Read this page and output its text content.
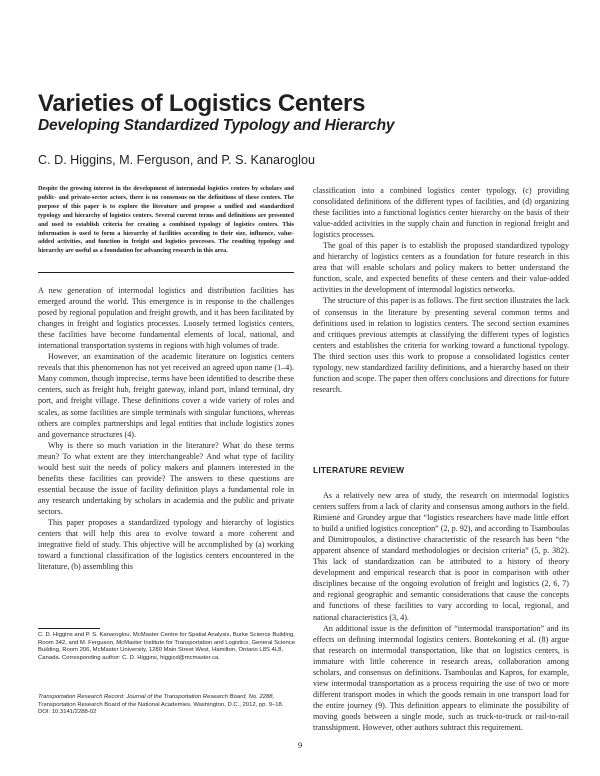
Varieties of Logistics Centers
Developing Standardized Typology and Hierarchy
C. D. Higgins, M. Ferguson, and P. S. Kanaroglou
Despite the growing interest in the development of intermodal logistics centers by scholars and public- and private-sector actors, there is no consensus on the definitions of these centers. The purpose of this paper is to explore the literature and propose a unified and standardized typology and hierarchy of logistics centers. Several current terms and definitions are presented and used to establish criteria for creating a combined typology of logistics centers. This information is used to form a hierarchy of facilities according to their size, influence, value-added activities, and function in freight and logistics processes. The resulting typology and hierarchy are useful as a foundation for advancing research in this area.

A new generation of intermodal logistics and distribution facilities has emerged around the world. This emergence is in response to the challenges posed by regional population and freight growth, and it has been facilitated by changes in freight and logistics processes. Loosely termed logistics centers, these facilities have become fundamental elements of local, national, and international transportation systems in regions with high volumes of trade.

However, an examination of the academic literature on logistics centers reveals that this phenomenon has not yet received an agreed upon name (1–4). Many common, though imprecise, terms have been identified to describe these centers, such as freight hub, freight gateway, inland port, inland terminal, dry port, and freight village. These definitions cover a wide variety of roles and scales, as some facilities are simple terminals with singular functions, whereas others are complex partnerships and legal entities that include logistics zones and governance structures (4).

Why is there so much variation in the literature? What do these terms mean? To what extent are they interchangeable? And what type of facility would best suit the needs of policy makers and planners interested in the benefits these facilities can provide? The answers to these questions are essential because the issue of facility definition plays a fundamental role in any research undertaking by scholars in academia and the public and private sectors.

This paper proposes a standardized typology and hierarchy of logistics centers that will help this area to evolve toward a more coherent and integrative field of study. This objective will be accomplished by (a) working toward a functional classification of the logistics centers encountered in the literature, (b) assembling this

C. D. Higgins and P. S. Kanaroglou, McMaster Centre for Spatial Analysis, Burke Science Building, Room 342, and M. Ferguson, McMaster Institute for Transportation and Logistics, General Science Building, Room 206, McMaster University, 1280 Main Street West, Hamilton, Ontario L8S 4L8, Canada. Corresponding author: C. D. Higgins, higgicd@mcmaster.ca.
Transportation Research Record: Journal of the Transportation Research Board, No. 2288, Transportation Research Board of the National Academies, Washington, D.C., 2012, pp. 9–18.
DOI: 10.3141/2288-02

classification into a combined logistics center typology, (c) providing consolidated definitions of the different types of facilities, and (d) organizing these facilities into a functional logistics center hierarchy on the basis of their value-added activities in the supply chain and function in regional freight and logistics processes.

The goal of this paper is to establish the proposed standardized typology and hierarchy of logistics centers as a foundation for future research in this area that will enable scholars and policy makers to better understand the function, scale, and expected benefits of these centers and their value-added activities in the development of intermodal logistics networks.

The structure of this paper is as follows. The first section illustrates the lack of consensus in the literature by presenting several common terms and definitions used in relation to logistics centers. The second section examines and critiques previous attempts at classifying the different types of logistics centers and establishes the criteria for working toward a functional typology. The third section uses this work to propose a consolidated logistics center typology, new standardized facility definitions, and a hierarchy based on their function and scope. The paper then offers conclusions and directions for future research.

LITERATURE REVIEW

As a relatively new area of study, the research on intermodal logistics centers suffers from a lack of clarity and consensus among authors in the field. Rimienė and Grundey argue that “logistics researchers have made little effort to build a unified logistics conception” (2, p. 92), and according to Tsamboulas and Dimitropoulos, a distinctive characteristic of the research has been “the apparent absence of standard methodologies or decision criteria” (5, p. 382). This lack of standardization can be attributed to a history of theory development and empirical research that is poor in comparison with other disciplines because of the ongoing evolution of freight and logistics (2, 6, 7) and regional geographic and semantic considerations that cause the concepts and functions of these facilities to vary according to local, regional, and national characteristics (3, 4).

An additional issue is the definition of “intermodal transportation” and its effects on defining intermodal logistics centers. Bontekoning et al. (8) argue that research on intermodal transportation, like that on logistics centers, is immature with little coherence in research areas, collaboration among scholars, and consensus on definitions. Tsamboulas and Kapros, for example, view intermodal transportation as a process requiring the use of two or more different transport modes in which the goods remain in one transport load for the entire journey (9). This definition appears to eliminate the possibility of moving goods between a single mode, such as truck-to-truck or rail-to-rail transshipment. However, other authors subtract this requirement.

9
